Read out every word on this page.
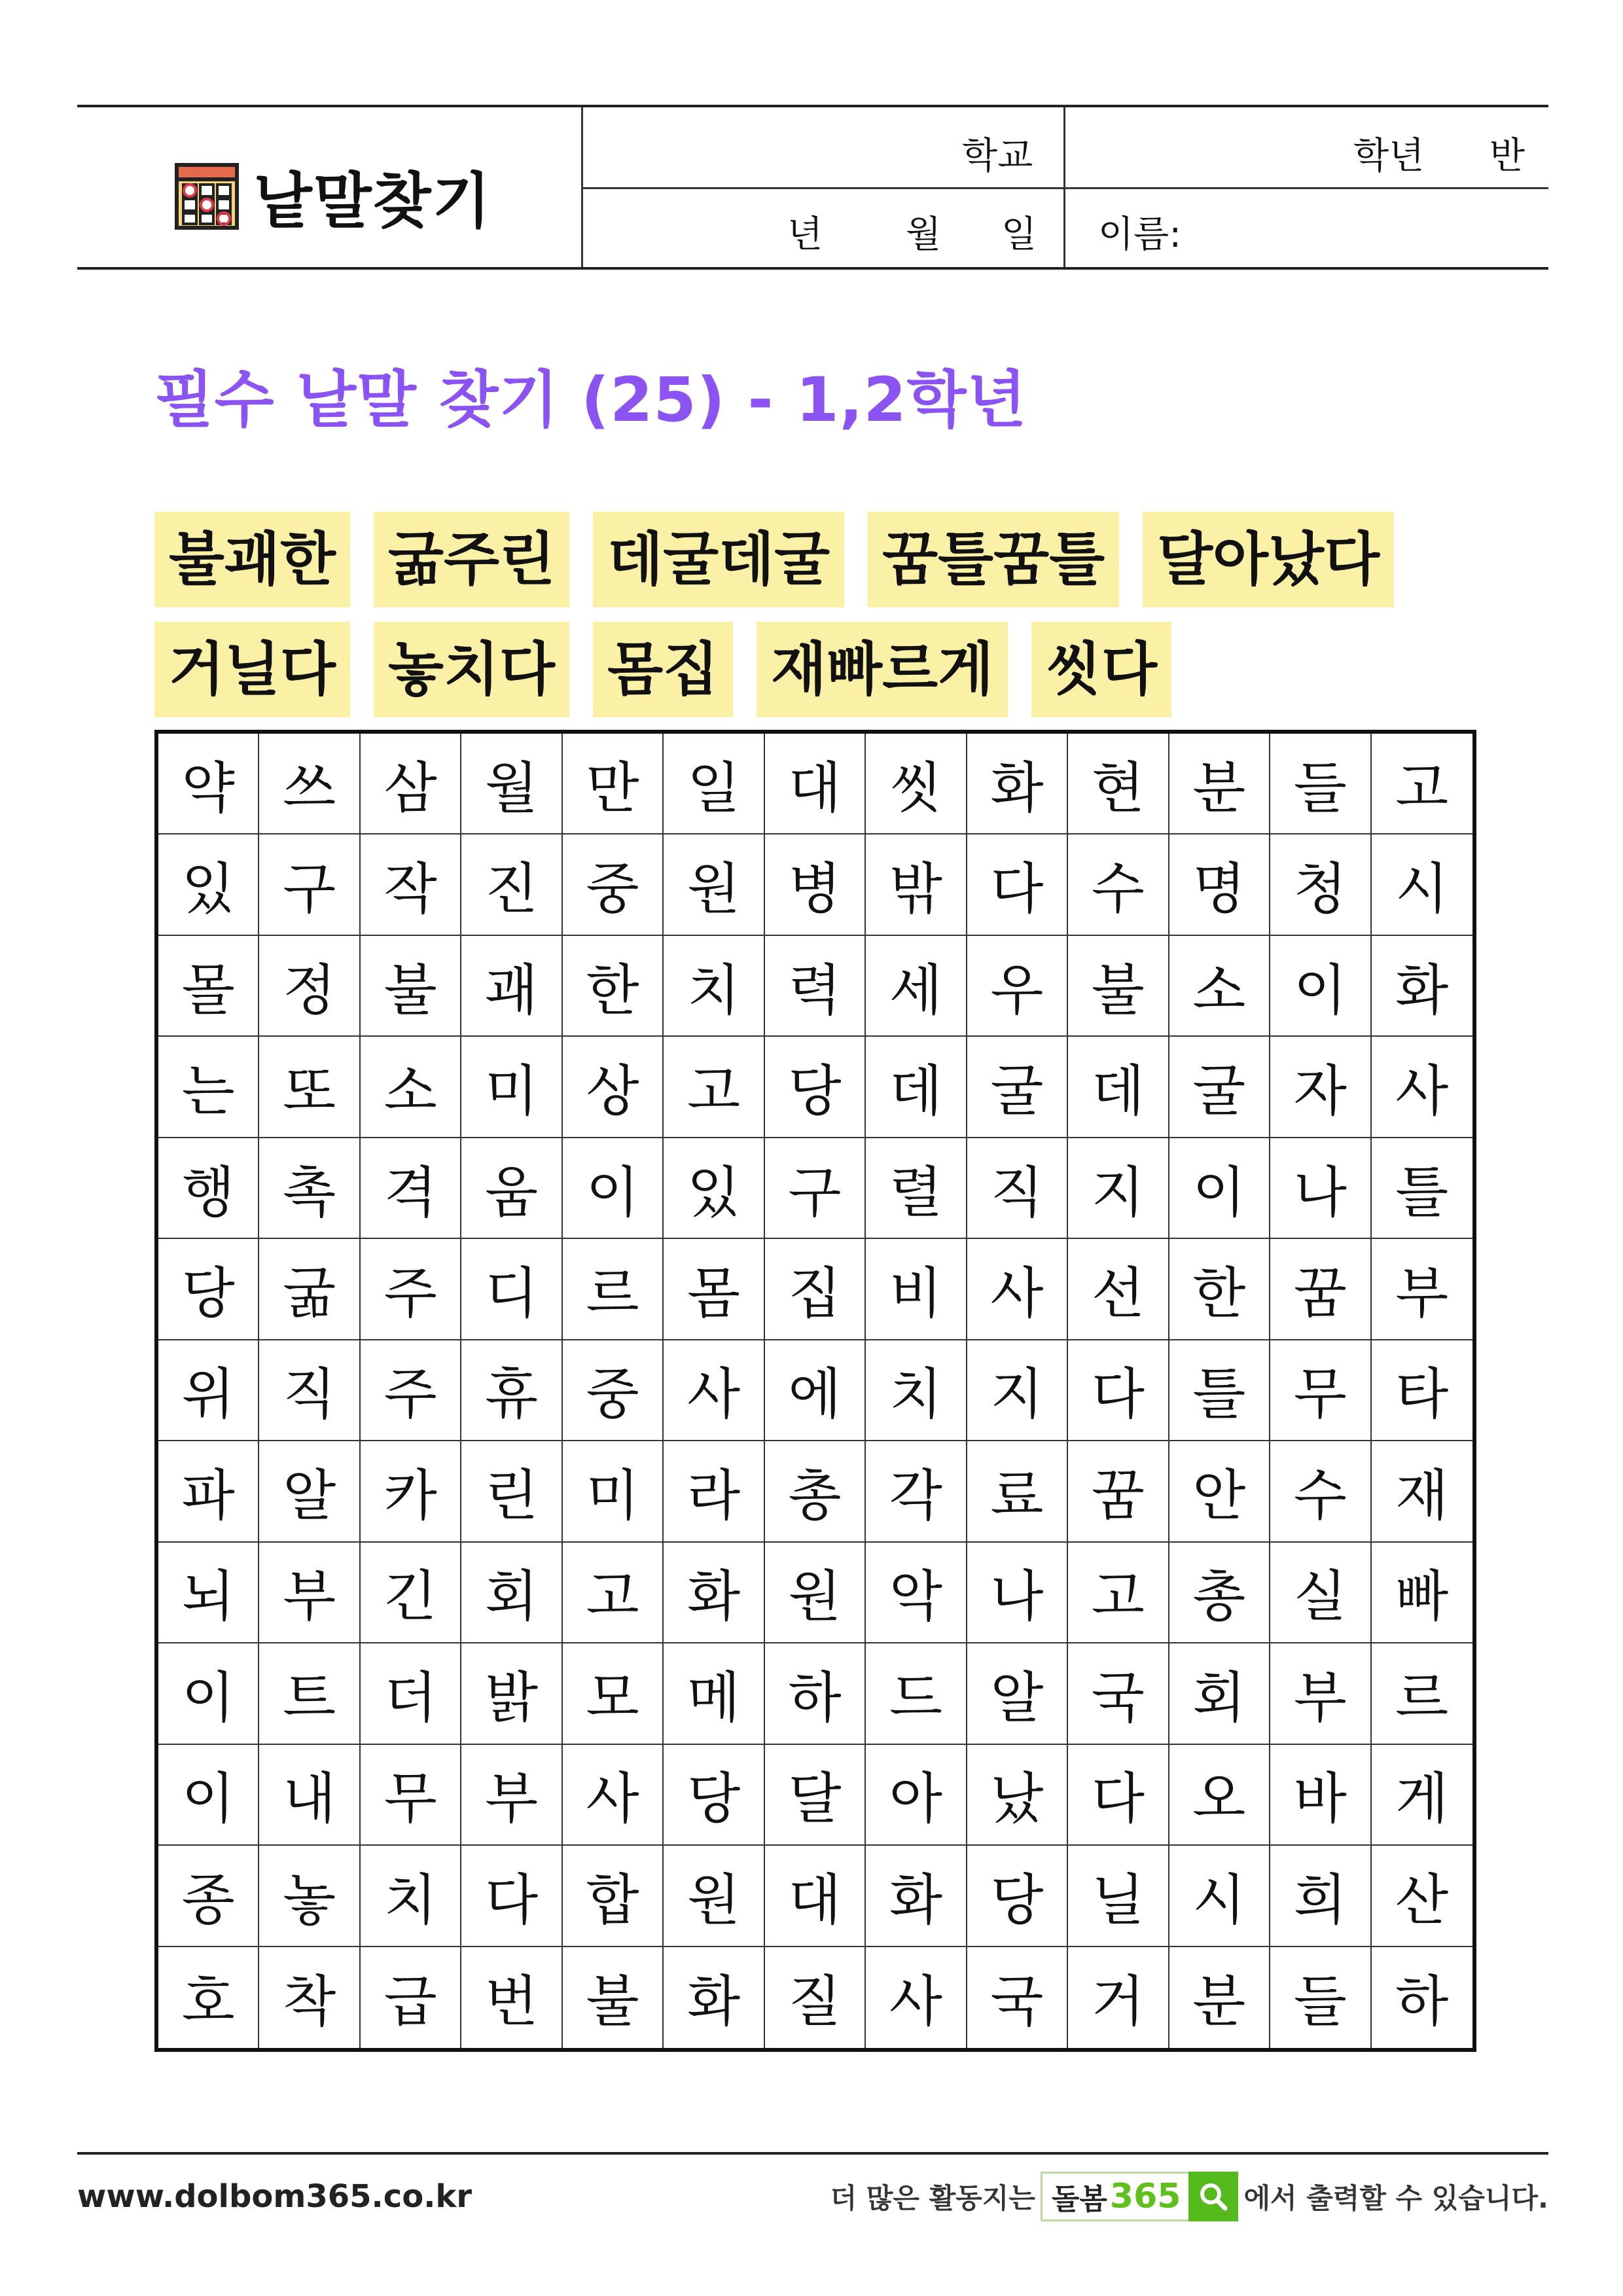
낱말찾기
학교	학년 반
년 월 일 이름:
필수 낱말 찾기 (25) - 1,2학년
불괘한 굶주린 데굴데굴 꿈틀꿈틀 달아났다
거닐다 놓치다 몸집 재빠르게 씻다
약 쓰 삼 월 만 일 대 씻 화 현 분 들 고
있 구 작 진 중 원 병 밖 다 수 명 청 시
몰 정 불 괘 한 치 력 세 우 불 소 이 화
는 또 소 미 상 고 당 데 굴 데 굴 자 사
행 촉 격 움 이 있 구 렬 직 지 이 나 틀
당 굶 주 디 르 몸 집 비 사 선 한 꿈 부
위 직 주 휴 중 사 에 치 지 다 틀 무 타
파 알 카 린 미 라 총 각 료 꿈 안 수 재
뇌 부 긴 회 고 화 원 악 나 고 총 실 빠
이 트 더 밝 모 메 하 드 알 국 회 부 르
이 내 무 부 사 당 달 아 났 다 오 바 게
종 놓 치 다 합 원 대 화 당 닐 시 희 산
호 착 급 번 불 화 질 사 국 거 분 들 하
www.dolbom365.co.kr	더 많은 활동지는 돌봄 365 에서 출력할 수 있습니다.
